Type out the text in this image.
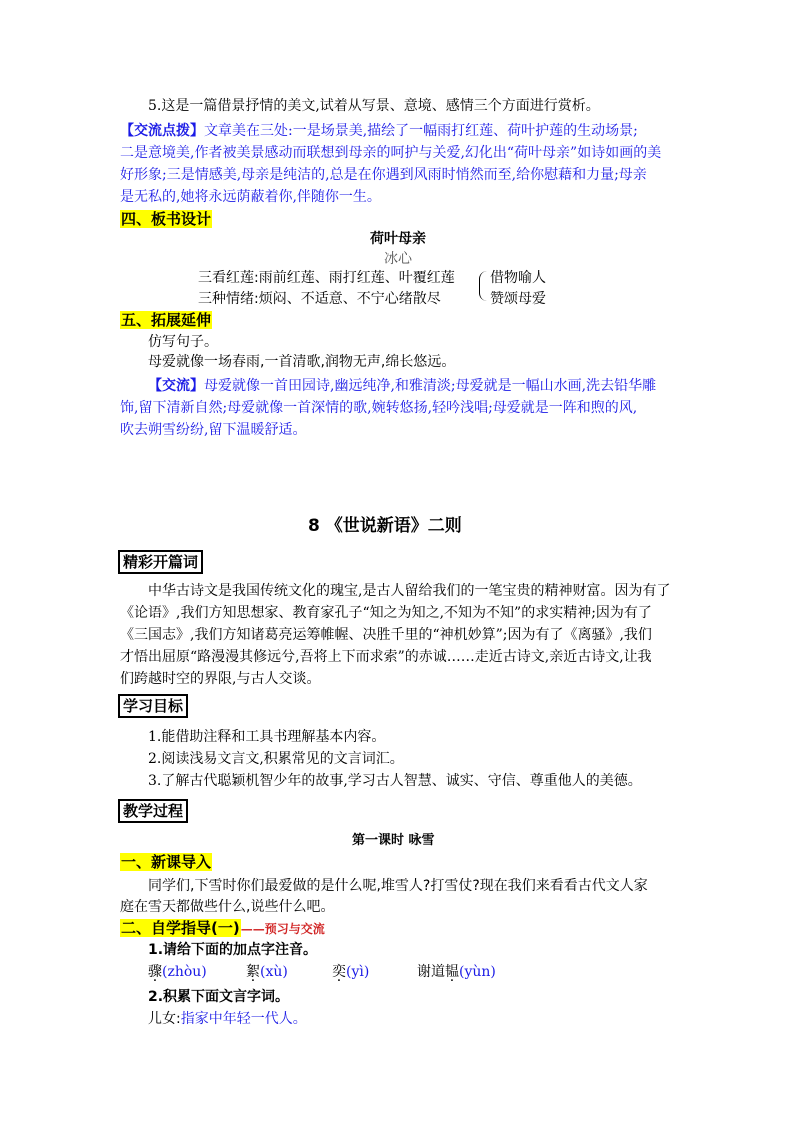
5.这是一篇借景抒情的美文,试着从写景、意境、感情三个方面进行赏析。
【交流点拨】文章美在三处:一是场景美,描绘了一幅雨打红莲、荷叶护莲的生动场景;
二是意境美,作者被美景感动而联想到母亲的呵护与关爱,幻化出“荷叶母亲”如诗如画的美
好形象;三是情感美,母亲是纯洁的,总是在你遇到风雨时悄然而至,给你慰藉和力量;母亲
是无私的,她将永远荫蔽着你,伴随你一生。
四、板书设计
荷叶母亲
冰心
三看红莲:雨前红莲、雨打红莲、叶覆红莲
三种情绪:烦闷、不适意、不宁心绪散尽
借物喻人
赞颂母爱
五、拓展延伸
仿写句子。
母爱就像一场春雨,一首清歌,润物无声,绵长悠远。
【交流】母爱就像一首田园诗,幽远纯净,和雅清淡;母爱就是一幅山水画,洗去铅华雕
饰,留下清新自然;母爱就像一首深情的歌,婉转悠扬,轻吟浅唱;母爱就是一阵和煦的风,
吹去朔雪纷纷,留下温暖舒适。
8 《世说新语》二则
精彩开篇词
中华古诗文是我国传统文化的瑰宝,是古人留给我们的一笔宝贵的精神财富。因为有了
《论语》,我们方知思想家、教育家孔子“知之为知之,不知为不知”的求实精神;因为有了
《三国志》,我们方知诸葛亮运筹帷幄、决胜千里的“神机妙算”;因为有了《离骚》,我们
才悟出屈原“路漫漫其修远兮,吾将上下而求索”的赤诚……走近古诗文,亲近古诗文,让我
们跨越时空的界限,与古人交谈。
学习目标
1.能借助注释和工具书理解基本内容。
2.阅读浅易文言文,积累常见的文言词汇。
3.了解古代聪颖机智少年的故事,学习古人智慧、诚实、守信、尊重他人的美德。
教学过程
第一课时 咏雪
一、新课导入
同学们,下雪时你们最爱做的是什么呢,堆雪人?打雪仗?现在我们来看看古代文人家
庭在雪天都做些什么,说些什么吧。
二、自学指导(一)——预习与交流
1.请给下面的加点字注音。
骤(zhòu)	絮(xù)	奕(yì)	谢道韫(yùn)
2.积累下面文言字词。
儿女:指家中年轻一代人。
